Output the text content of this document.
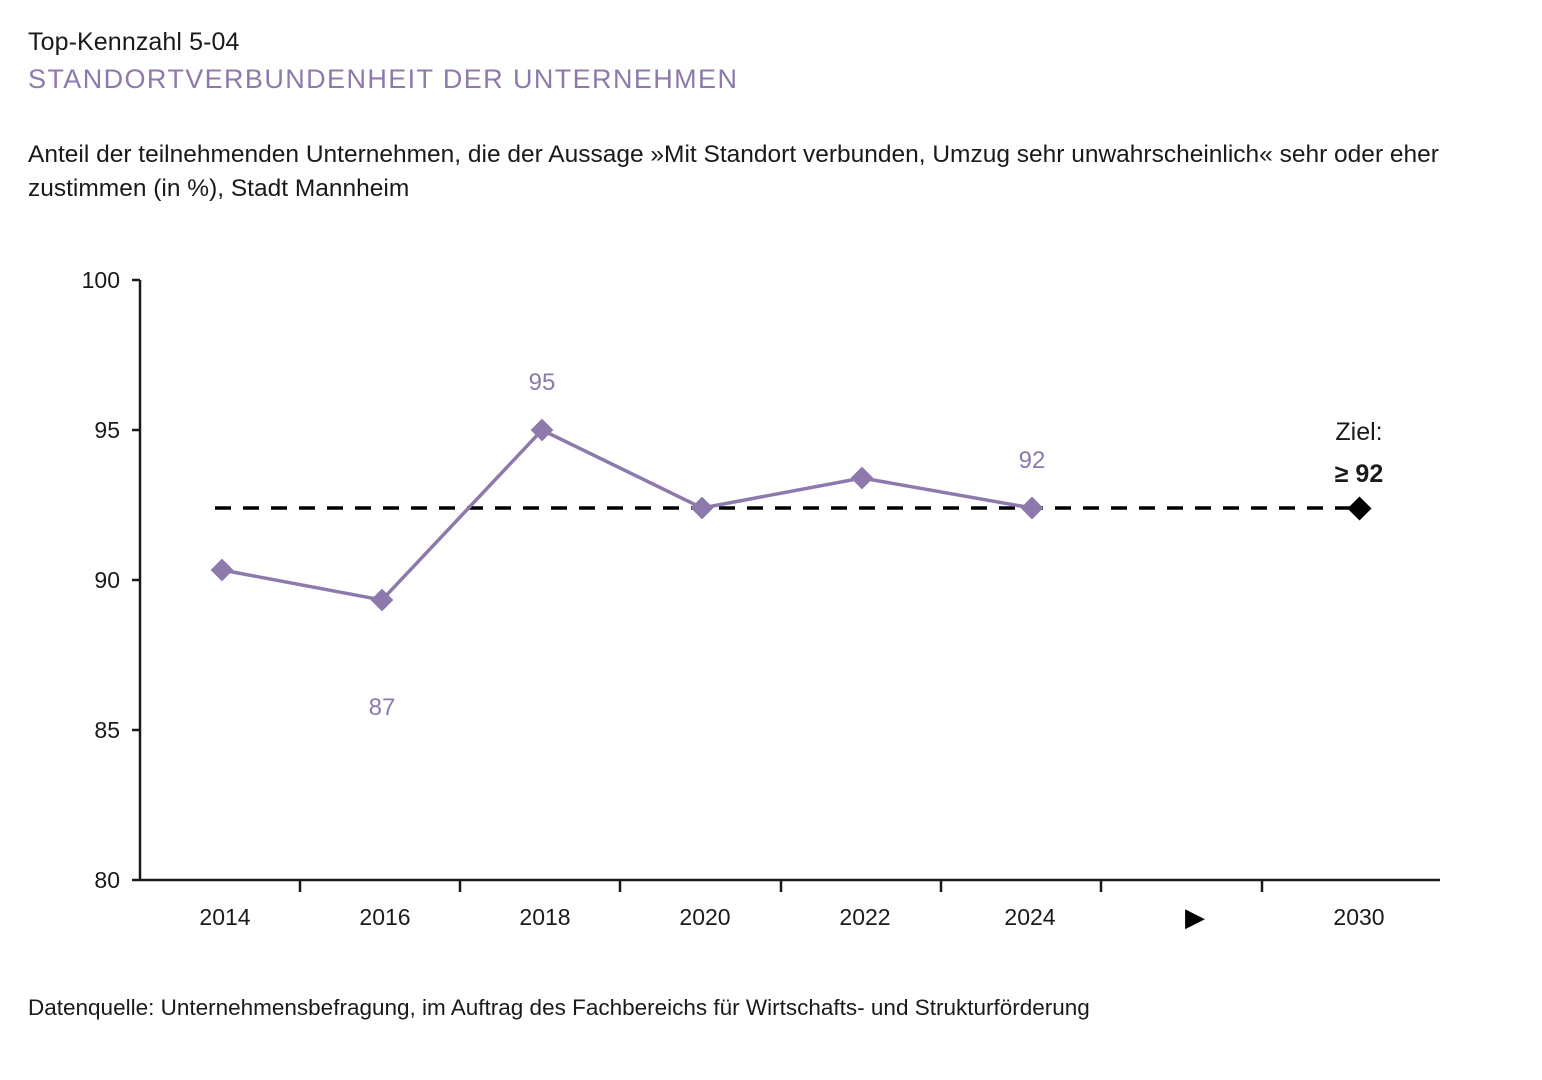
Top-Kennzahl 5-04
STANDORTVERBUNDENHEIT DER UNTERNEHMEN
Anteil der teilnehmenden Unternehmen, die der Aussage »Mit Standort verbunden, Umzug sehr unwahrscheinlich« sehr oder eher zustimmen (in %), Stadt Mannheim
100
95
90
85
80
87
95
92
Ziel:
≥ 92
2014	2016	2018	2020	2022	2024	2030
▶
Datenquelle: Unternehmensbefragung, im Auftrag des Fachbereichs für Wirtschafts- und Strukturförderung
